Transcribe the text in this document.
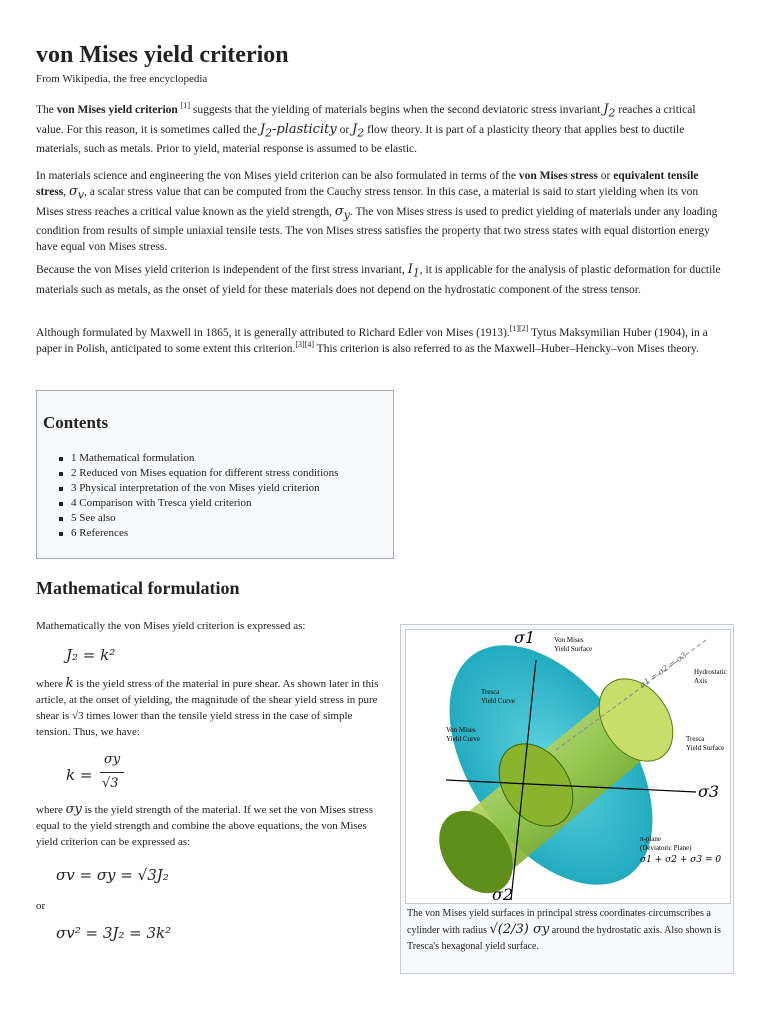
von Mises yield criterion
From Wikipedia, the free encyclopedia

The von Mises yield criterion [1] suggests that the yielding of materials begins when the second deviatoric stress invariant $J_2$ reaches a critical value. For this reason, it is sometimes called the $J_2$-plasticity or $J_2$ flow theory. It is part of a plasticity theory that applies best to ductile materials, such as metals. Prior to yield, material response is assumed to be elastic.

In materials science and engineering the von Mises yield criterion can be also formulated in terms of the von Mises stress or equivalent tensile stress, $\sigma_v$, a scalar stress value that can be computed from the Cauchy stress tensor. In this case, a material is said to start yielding when its von Mises stress reaches a critical value known as the yield strength, $\sigma_y$. The von Mises stress is used to predict yielding of materials under any loading condition from results of simple uniaxial tensile tests. The von Mises stress satisfies the property that two stress states with equal distortion energy have equal von Mises stress.

Because the von Mises yield criterion is independent of the first stress invariant, $I_1$, it is applicable for the analysis of plastic deformation for ductile materials such as metals, as the onset of yield for these materials does not depend on the hydrostatic component of the stress tensor.

Although formulated by Maxwell in 1865, it is generally attributed to Richard Edler von Mises (1913).[1][2] Tytus Maksymilian Huber (1904), in a paper in Polish, anticipated to some extent this criterion.[3][4] This criterion is also referred to as the Maxwell–Huber–Hencky–von Mises theory.

Contents
1 Mathematical formulation
2 Reduced von Mises equation for different stress conditions
3 Physical interpretation of the von Mises yield criterion
4 Comparison with Tresca yield criterion
5 See also
6 References
Mathematical formulation

Mathematically the von Mises yield criterion is expressed as:

J₂ = k²

where k is the yield stress of the material in pure shear. As shown later in this article, at the onset of yielding, the magnitude of the shear yield stress in pure shear is √3 times lower than the tensile yield stress in the case of simple tension. Thus, we have:

k =
σy
√3

where σy is the yield strength of the material. If we set the von Mises stress equal to the yield strength and combine the above equations, the von Mises yield criterion can be expressed as:

σv = σy = √3J₂

or

σv² = 3J₂ = 3k²
σ1
σ3
σ2
Von Mises
Yield Surface
Hydrostatic
Axis
Tresca
Yield Curve
Von Mises
Yield Curve	Tresca
Yield Surface
π-plane
(Deviatoric Plane)
σ1 + σ2 + σ3 = 0
σ1 = σ2 = σ3
The von Mises yield surfaces in principal stress coordinates circumscribes a cylinder with radius √(2/3) σy around the hydrostatic axis. Also shown is Tresca's hexagonal yield surface.
